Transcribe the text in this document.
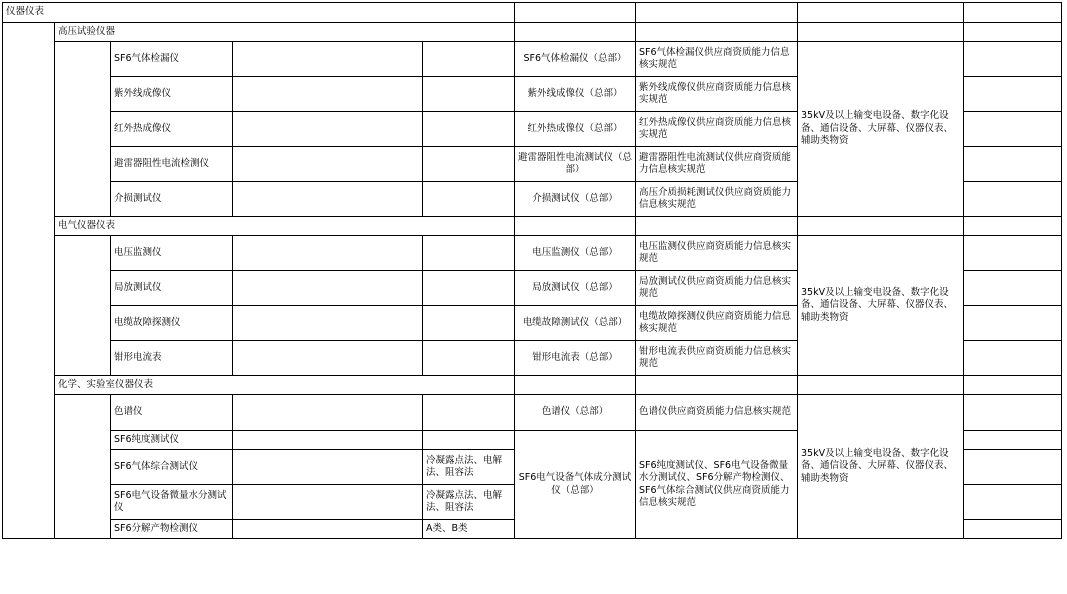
仪器仪表								
	高压试验仪器							
		SF6气体检漏仪			SF6气体检漏仪（总部）	SF6气体检漏仪供应商资质能力信息核实规范	35kV及以上输变电设备、数字化设备、通信设备、大屏幕、仪器仪表、辅助类物资	
		紫外线成像仪			紫外线成像仪（总部）	紫外线成像仪供应商资质能力信息核实规范		
		红外热成像仪			红外热成像仪（总部）	红外热成像仪供应商资质能力信息核实规范		
		避雷器阻性电流检测仪			避雷器阻性电流测试仪（总部）	避雷器阻性电流测试仪供应商资质能力信息核实规范		
		介损测试仪			介损测试仪（总部）	高压介质损耗测试仪供应商资质能力信息核实规范		
	电气仪器仪表							
		电压监测仪			电压监测仪（总部）	电压监测仪供应商资质能力信息核实规范	35kV及以上输变电设备、数字化设备、通信设备、大屏幕、仪器仪表、辅助类物资	
		局放测试仪			局放测试仪（总部）	局放测试仪供应商资质能力信息核实规范		
		电缆故障探测仪			电缆故障测试仪（总部）	电缆故障探测仪供应商资质能力信息核实规范		
		钳形电流表			钳形电流表（总部）	钳形电流表供应商资质能力信息核实规范		
	化学、实验室仪器仪表							
		色谱仪			色谱仪（总部）	色谱仪供应商资质能力信息核实规范	35kV及以上输变电设备、数字化设备、通信设备、大屏幕、仪器仪表、辅助类物资	
		SF6纯度测试仪			SF6电气设备气体成分测试仪（总部）	SF6纯度测试仪、SF6电气设备微量水分测试仪、SF6分解产物检测仪、SF6气体综合测试仪供应商资质能力信息核实规范		
		SF6气体综合测试仪		冷凝露点法、电解法、阻容法				
		SF6电气设备微量水分测试仪		冷凝露点法、电解法、阻容法				
		SF6分解产物检测仪		A类、B类				
